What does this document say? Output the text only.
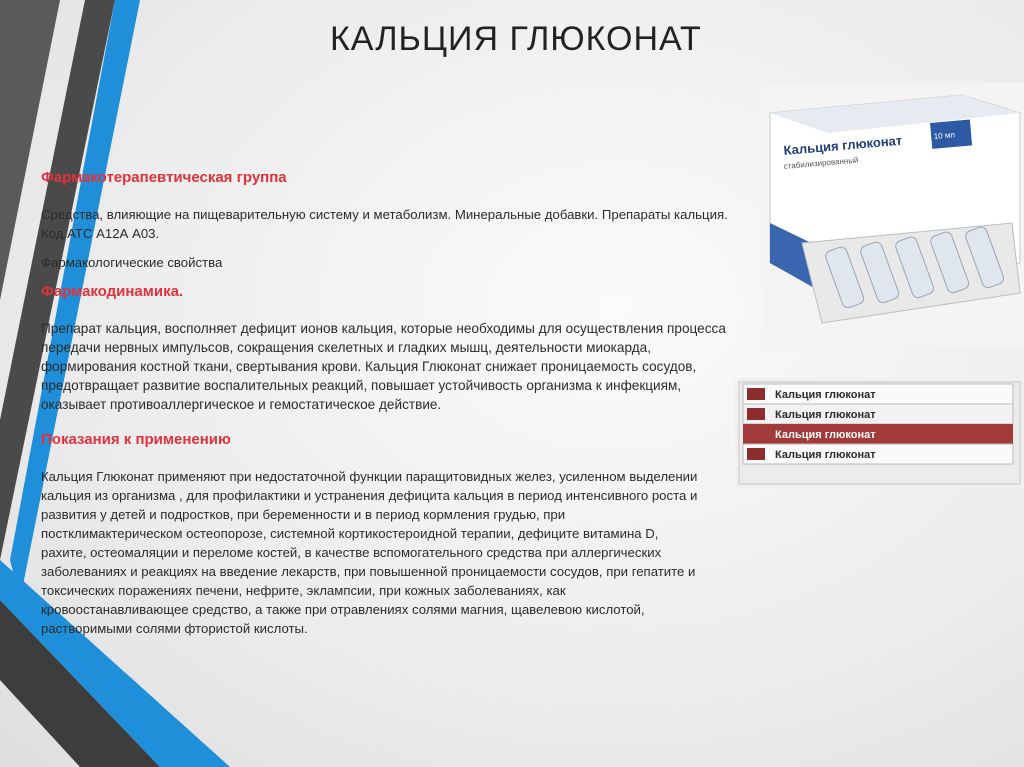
КАЛЬЦИЯ ГЛЮКОНАТ
Фармакотерапевтическая группа
Средства, влияющие на пищеварительную систему и метаболизм. Минеральные добавки. Препараты кальция. Код АТС А12А А03.
Фармакологические свойства
Фармакодинамика.
Препарат кальция, восполняет дефицит ионов кальция, которые необходимы для осуществления процесса передачи нервных импульсов, сокращения скелетных и гладких мышц, деятельности миокарда, формирования костной ткани, свертывания крови. Кальция Глюконат снижает проницаемость сосудов, предотвращает развитие воспалительных реакций, повышает устойчивость организма к инфекциям, оказывает противоаллергическое и гемостатическое действие.
Показания к применению
Кальция Глюконат применяют при недостаточной функции паращитовидных желез, усиленном выделении кальция из организма , для профилактики и устранения дефицита кальция в период интенсивного роста и развития у детей и подростков, при беременности и в период кормления грудью, при постклимактерическом остеопорозе, системной кортикостероидной терапии, дефиците витамина D, рахите, остеомаляции и переломе костей, в качестве вспомогательного средства при аллергических заболеваниях и реакциях на введение лекарств, при повышенной проницаемости сосудов, при гепатите и токсических поражениях печени, нефрите, эклампсии, при кожных заболеваниях, как кровоостанавливающее средство, а также при отравлениях солями магния, щавелевою кислотой, растворимыми солями фтористой кислоты.
Кальция глюконат
стабилизированный
10 мл
Кальция глюконат
Кальция глюконат
Кальция глюконат
Кальция глюконат
